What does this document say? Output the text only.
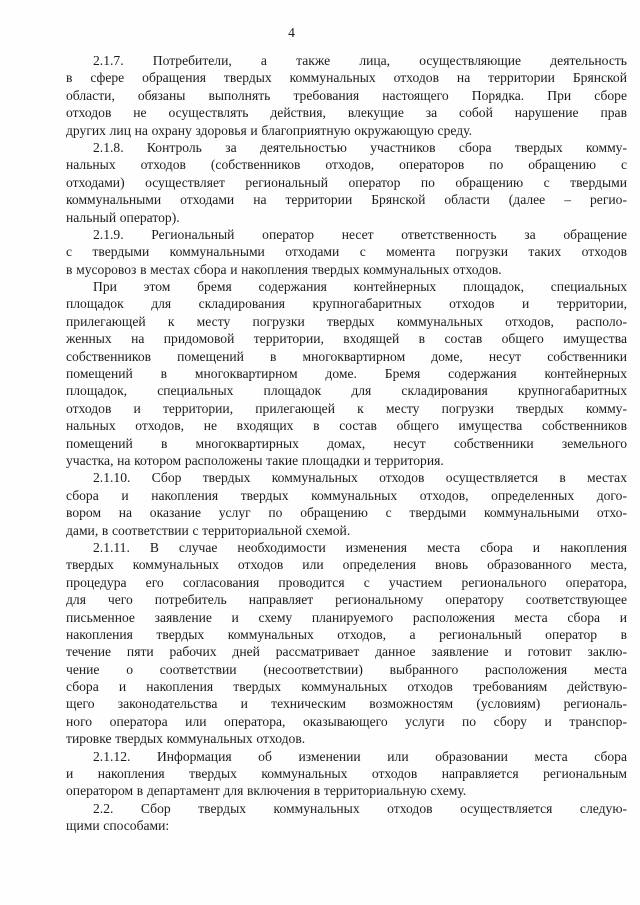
4
2.1.7. Потребители, а также лица, осуществляющие деятельность
в сфере обращения твердых коммунальных отходов на территории Брянской
области, обязаны выполнять требования настоящего Порядка. При сборе
отходов не осуществлять действия, влекущие за собой нарушение прав
других лиц на охрану здоровья и благоприятную окружающую среду.
2.1.8. Контроль за деятельностью участников сбора твердых комму-
нальных отходов (собственников отходов, операторов по обращению с
отходами) осуществляет региональный оператор по обращению с твердыми
коммунальными отходами на территории Брянской области (далее – регио-
нальный оператор).
2.1.9. Региональный оператор несет ответственность за обращение
с твердыми коммунальными отходами с момента погрузки таких отходов
в мусоровоз в местах сбора и накопления твердых коммунальных отходов.
При этом бремя содержания контейнерных площадок, специальных
площадок для складирования крупногабаритных отходов и территории,
прилегающей к месту погрузки твердых коммунальных отходов, располо-
женных на придомовой территории, входящей в состав общего имущества
собственников помещений в многоквартирном доме, несут собственники
помещений в многоквартирном доме. Бремя содержания контейнерных
площадок, специальных площадок для складирования крупногабаритных
отходов и территории, прилегающей к месту погрузки твердых комму-
нальных отходов, не входящих в состав общего имущества собственников
помещений в многоквартирных домах, несут собственники земельного
участка, на котором расположены такие площадки и территория.
2.1.10. Сбор твердых коммунальных отходов осуществляется в местах
сбора и накопления твердых коммунальных отходов, определенных дого-
вором на оказание услуг по обращению с твердыми коммунальными отхо-
дами, в соответствии с территориальной схемой.
2.1.11. В случае необходимости изменения места сбора и накопления
твердых коммунальных отходов или определения вновь образованного места,
процедура его согласования проводится с участием регионального оператора,
для чего потребитель направляет региональному оператору соответствующее
письменное заявление и схему планируемого расположения места сбора и
накопления твердых коммунальных отходов, а региональный оператор в
течение пяти рабочих дней рассматривает данное заявление и готовит заклю-
чение о соответствии (несоответствии) выбранного расположения места
сбора и накопления твердых коммунальных отходов требованиям действую-
щего законодательства и техническим возможностям (условиям) региональ-
ного оператора или оператора, оказывающего услуги по сбору и транспор-
тировке твердых коммунальных отходов.
2.1.12. Информация об изменении или образовании места сбора
и накопления твердых коммунальных отходов направляется региональным
оператором в департамент для включения в территориальную схему.
2.2. Сбор твердых коммунальных отходов осуществляется следую-
щими способами:
